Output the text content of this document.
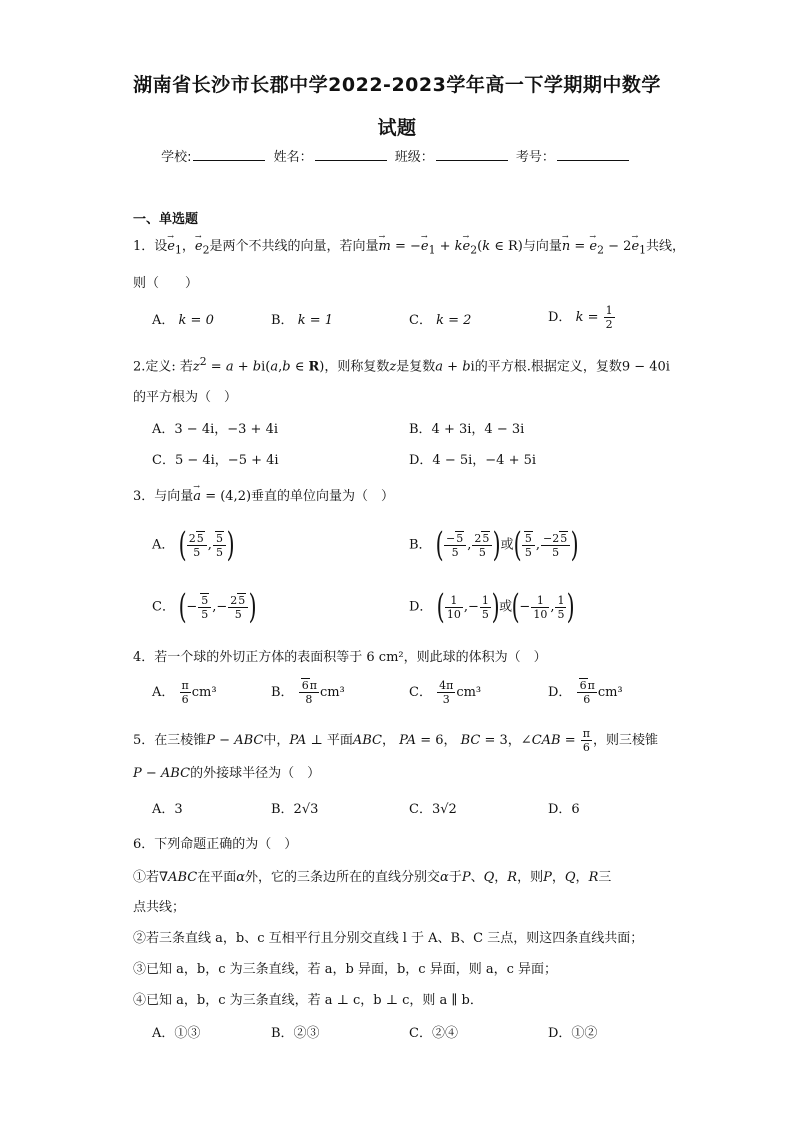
湖南省长沙市长郡中学2022-2023学年高一下学期期中数学
试题
学校:	姓名：	班级：	考号：
一、单选题
1．设→ $e_1$，→ $e_2$是两个不共线的向量，若向量→ m = −→ $e_1 + k\to e_2(k$ ∈ R)与向量→ n = → $e_2 - 2\to e_1$共线，
则（　　）
A． k = 0	B． k = 1	C． k = 2	D． $k = \frac{1}{2}$
2.定义: 若$z^2 = a + bi(a,b$ ∈ R)，则称复数z是复数a + bi的平方根.根据定义，复数9 − 40i
的平方根为（　）
A．3 − 4i，−3 + 4i	B．4 + 3i，4 − 3i
C．5 − 4i，−5 + 4i	D．4 − 5i，−4 + 5i
3．与向量→ a = (4,2)垂直的单位向量为（　）
A． ( $\frac{25}{5}$ , $\frac{5}{5}$ )	B． ( $\frac{-5}{5}$ , $\frac{25}{5}$ )或( $\frac{5}{5}$ , $\frac{-25}{5}$ )
C． (− $\frac{5}{5}$ ,− $\frac{25}{5}$ )	D． ( $\frac{1}{10}$ ,− $\frac{1}{5}$ )或(− $\frac{1}{10}$ , $\frac{1}{5}$ )
4．若一个球的外切正方体的表面积等于 6 cm²，则此球的体积为（　）
A． $\frac{\pi}{6} cm^3$	B． $\frac{6\pi}{8} cm^3$	C． $\frac{4\pi}{3} cm^3$	D． $\frac{6\pi}{6} cm^3$
5．在三棱锥P − ABC中，PA ⊥ 平面ABC， PA = 6， BC = 3，∠CAB = $\frac{\pi}{6}$ ，则三棱锥
P − ABC的外接球半径为（　）
A．3	B．2√3	C．3√2	D．6
6．下列命题正确的为（　）
①若∇ABC在平面α外，它的三条边所在的直线分别交α于P、Q，R，则P，Q，R三
点共线；
②若三条直线 a，b、c 互相平行且分别交直线 l 于 A、B、C 三点，则这四条直线共面；
③已知 a，b，c 为三条直线，若 a，b 异面，b，c 异面，则 a，c 异面；
④已知 a，b，c 为三条直线，若 a ⊥ c，b ⊥ c，则 a ∥ b．
A．①③	B．②③	C．②④	D．①②
